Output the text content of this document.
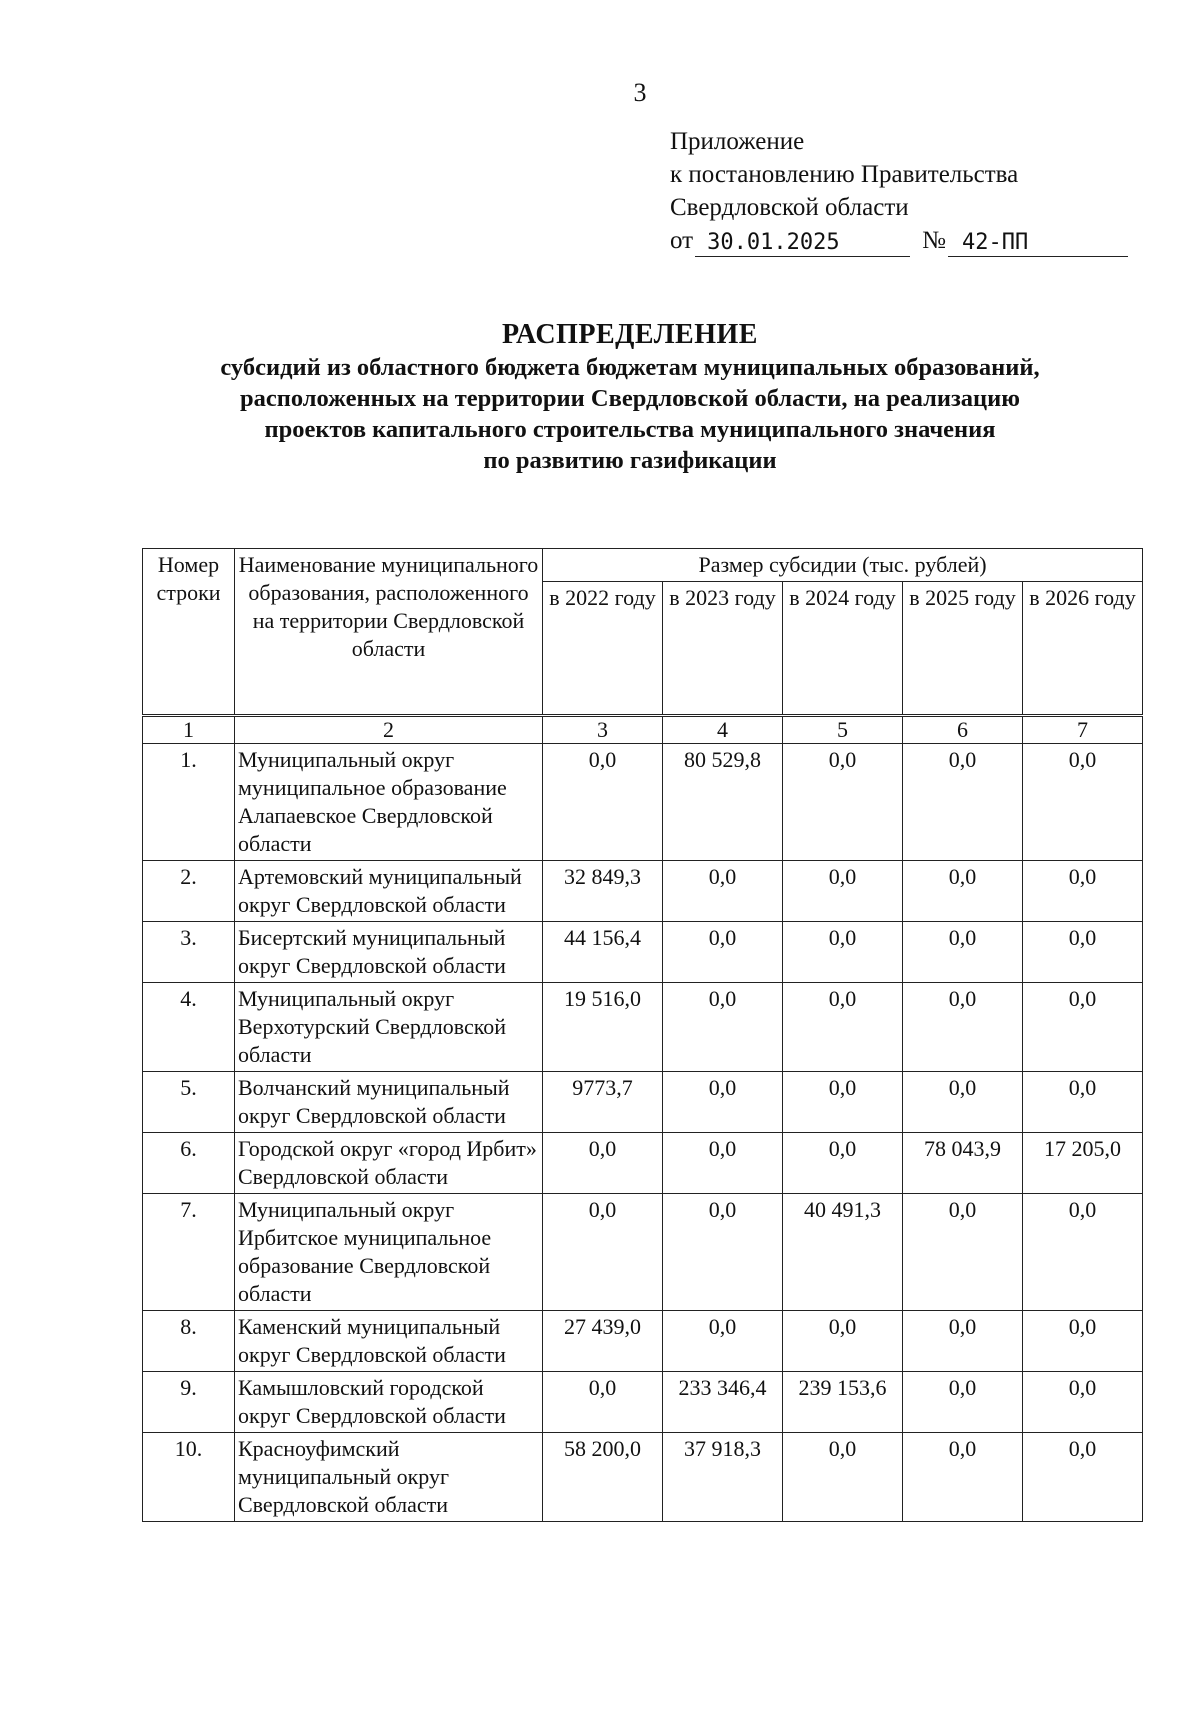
3
Приложение
к постановлению Правительства
Свердловской области
от 30.01.2025	№ 42-ПП
РАСПРЕДЕЛЕНИЕ
субсидий из областного бюджета бюджетам муниципальных образований,
расположенных на территории Свердловской области, на реализацию
проектов капитального строительства муниципального значения
по развитию газификации
Номер строки	Наименование муниципального образования, расположенного на территории Свердловской области	Размер субсидии (тыс. рублей)				
		в 2022 году	в 2023 году	в 2024 году	в 2025 году	в 2026 году
1	2	3	4	5	6	7
1.	Муниципальный округ муниципальное образование Алапаевское Свердловской области	0,0	80 529,8	0,0	0,0	0,0
2.	Артемовский муниципальный округ Свердловской области	32 849,3	0,0	0,0	0,0	0,0
3.	Бисертский муниципальный округ Свердловской области	44 156,4	0,0	0,0	0,0	0,0
4.	Муниципальный округ Верхотурский Свердловской области	19 516,0	0,0	0,0	0,0	0,0
5.	Волчанский муниципальный округ Свердловской области	9773,7	0,0	0,0	0,0	0,0
6.	Городской округ «город Ирбит» Свердловской области	0,0	0,0	0,0	78 043,9	17 205,0
7.	Муниципальный округ Ирбитское муниципальное образование Свердловской области	0,0	0,0	40 491,3	0,0	0,0
8.	Каменский муниципальный округ Свердловской области	27 439,0	0,0	0,0	0,0	0,0
9.	Камышловский городской округ Свердловской области	0,0	233 346,4	239 153,6	0,0	0,0
10.	Красноуфимский муниципальный округ Свердловской области	58 200,0	37 918,3	0,0	0,0	0,0
